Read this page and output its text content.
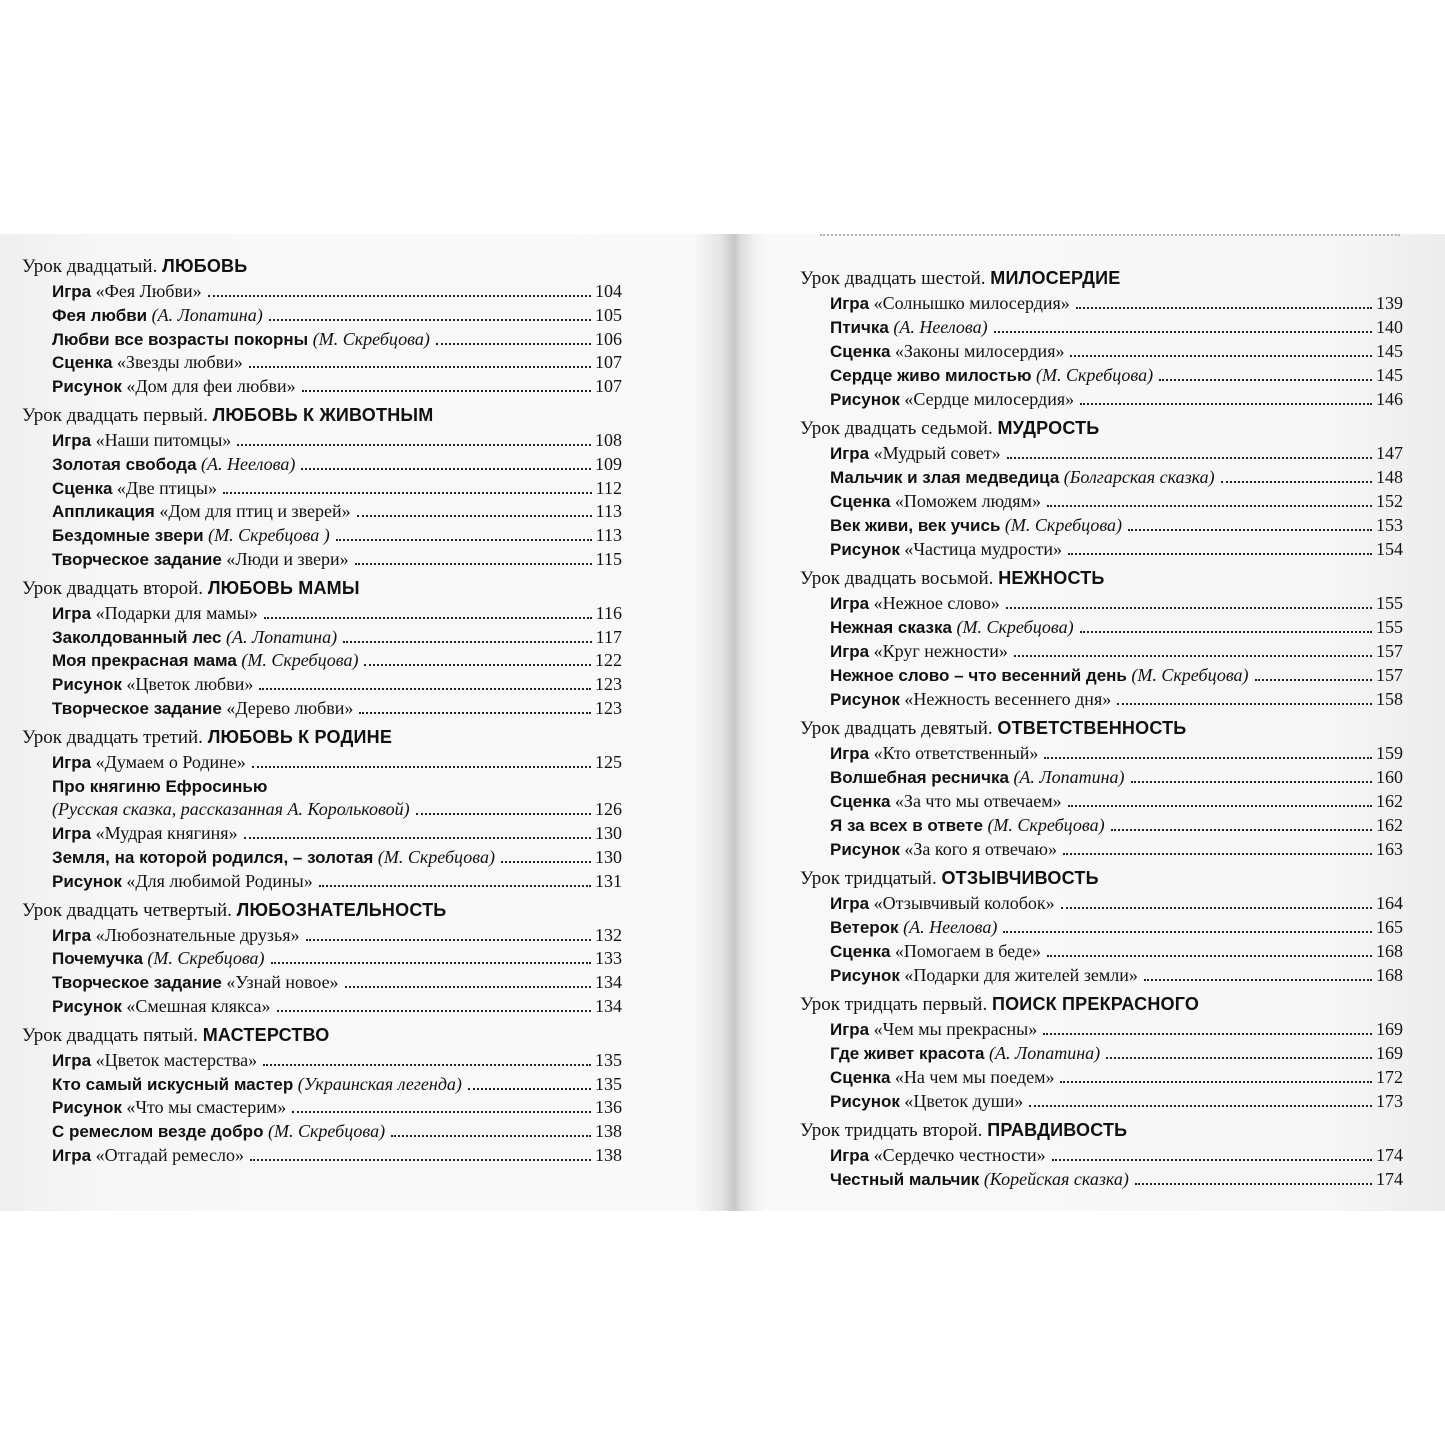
Урок двадцатый. ЛЮБОВЬ
Игра «Фея Любви»	104
Фея любви (А. Лопатина)	105
Любви все возрасты покорны (М. Скребцова)	106
Сценка «Звезды любви»	107
Рисунок «Дом для феи любви»	107
Урок двадцать первый. ЛЮБОВЬ К ЖИВОТНЫМ
Игра «Наши питомцы»	108
Золотая свобода (А. Неелова)	109
Сценка «Две птицы»	112
Аппликация «Дом для птиц и зверей»	113
Бездомные звери (М. Скребцова )	113
Творческое задание «Люди и звери»	115
Урок двадцать второй. ЛЮБОВЬ МАМЫ
Игра «Подарки для мамы»	116
Заколдованный лес (А. Лопатина)	117
Моя прекрасная мама (М. Скребцова)	122
Рисунок «Цветок любви»	123
Творческое задание «Дерево любви»	123
Урок двадцать третий. ЛЮБОВЬ К РОДИНЕ
Игра «Думаем о Родине»	125
Про княгиню Ефросинью
(Русская сказка, рассказанная А. Корольковой)	126
Игра «Мудрая княгиня»	130
Земля, на которой родился, – золотая (М. Скребцова)	130
Рисунок «Для любимой Родины»	131
Урок двадцать четвертый. ЛЮБОЗНАТЕЛЬНОСТЬ
Игра «Любознательные друзья»	132
Почемучка (М. Скребцова)	133
Творческое задание «Узнай новое»	134
Рисунок «Смешная клякса»	134
Урок двадцать пятый. МАСТЕРСТВО
Игра «Цветок мастерства»	135
Кто самый искусный мастер (Украинская легенда)	135
Рисунок «Что мы смастерим»	136
С ремеслом везде добро (М. Скребцова)	138
Игра «Отгадай ремесло»	138
Урок двадцать шестой. МИЛОСЕРДИЕ
Игра «Солнышко милосердия»	139
Птичка (А. Неелова)	140
Сценка «Законы милосердия»	145
Сердце живо милостью (М. Скребцова)	145
Рисунок «Сердце милосердия»	146
Урок двадцать седьмой. МУДРОСТЬ
Игра «Мудрый совет»	147
Мальчик и злая медведица (Болгарская сказка)	148
Сценка «Поможем людям»	152
Век живи, век учись (М. Скребцова)	153
Рисунок «Частица мудрости»	154
Урок двадцать восьмой. НЕЖНОСТЬ
Игра «Нежное слово»	155
Нежная сказка (М. Скребцова)	155
Игра «Круг нежности»	157
Нежное слово – что весенний день (М. Скребцова)	157
Рисунок «Нежность весеннего дня»	158
Урок двадцать девятый. ОТВЕТСТВЕННОСТЬ
Игра «Кто ответственный»	159
Волшебная ресничка (А. Лопатина)	160
Сценка «За что мы отвечаем»	162
Я за всех в ответе (М. Скребцова)	162
Рисунок «За кого я отвечаю»	163
Урок тридцатый. ОТЗЫВЧИВОСТЬ
Игра «Отзывчивый колобок»	164
Ветерок (А. Неелова)	165
Сценка «Помогаем в беде»	168
Рисунок «Подарки для жителей земли»	168
Урок тридцать первый. ПОИСК ПРЕКРАСНОГО
Игра «Чем мы прекрасны»	169
Где живет красота (А. Лопатина)	169
Сценка «На чем мы поедем»	172
Рисунок «Цветок души»	173
Урок тридцать второй. ПРАВДИВОСТЬ
Игра «Сердечко честности»	174
Честный мальчик (Корейская сказка)	174
